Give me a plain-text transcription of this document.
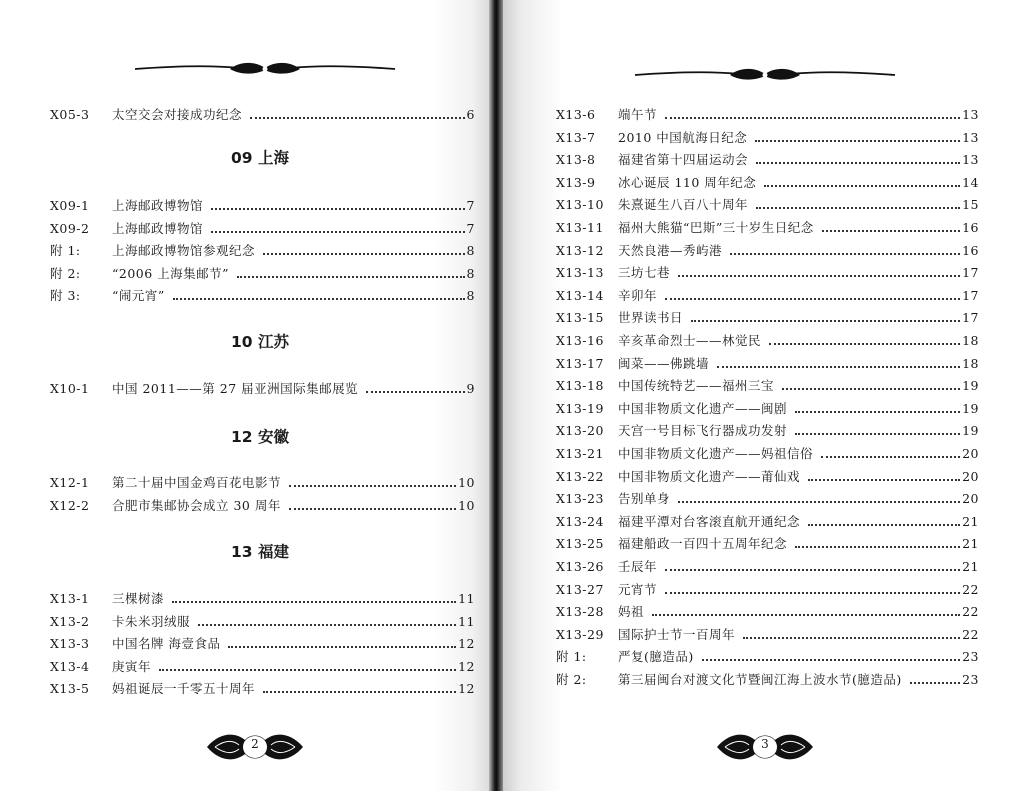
X05-3	太空交会对接成功纪念	6
09 上海
X09-1	上海邮政博物馆	7
X09-2	上海邮政博物馆	7
附 1:	上海邮政博物馆参观纪念	8
附 2:	“2006 上海集邮节”	8
附 3:	“闹元宵”	8
10 江苏
X10-1	中国 2011——第 27 届亚洲国际集邮展览	9
12 安徽
X12-1	第二十届中国金鸡百花电影节	10
X12-2	合肥市集邮协会成立 30 周年	10
13 福建
X13-1	三棵树漆	11
X13-2	卡朱米羽绒服	11
X13-3	中国名牌 海壹食品	12
X13-4	庚寅年	12
X13-5	妈祖诞辰一千零五十周年	12
2
X13-6	端午节	13
X13-7	2010 中国航海日纪念	13
X13-8	福建省第十四届运动会	13
X13-9	冰心诞辰 110 周年纪念	14
X13-10	朱熹诞生八百八十周年	15
X13-11	福州大熊猫“巴斯”三十岁生日纪念	16
X13-12	天然良港—秀屿港	16
X13-13	三坊七巷	17
X13-14	辛卯年	17
X13-15	世界读书日	17
X13-16	辛亥革命烈士——林觉民	18
X13-17	闽菜——佛跳墙	18
X13-18	中国传统特艺——福州三宝	19
X13-19	中国非物质文化遗产——闽剧	19
X13-20	天宫一号目标飞行器成功发射	19
X13-21	中国非物质文化遗产——妈祖信俗	20
X13-22	中国非物质文化遗产——莆仙戏	20
X13-23	告别单身	20
X13-24	福建平潭对台客滚直航开通纪念	21
X13-25	福建船政一百四十五周年纪念	21
X13-26	壬辰年	21
X13-27	元宵节	22
X13-28	妈祖	22
X13-29	国际护士节一百周年	22
附 1:	严复(臆造品)	23
附 2:	第三届闽台对渡文化节暨闽江海上波水节(臆造品)	23
3
